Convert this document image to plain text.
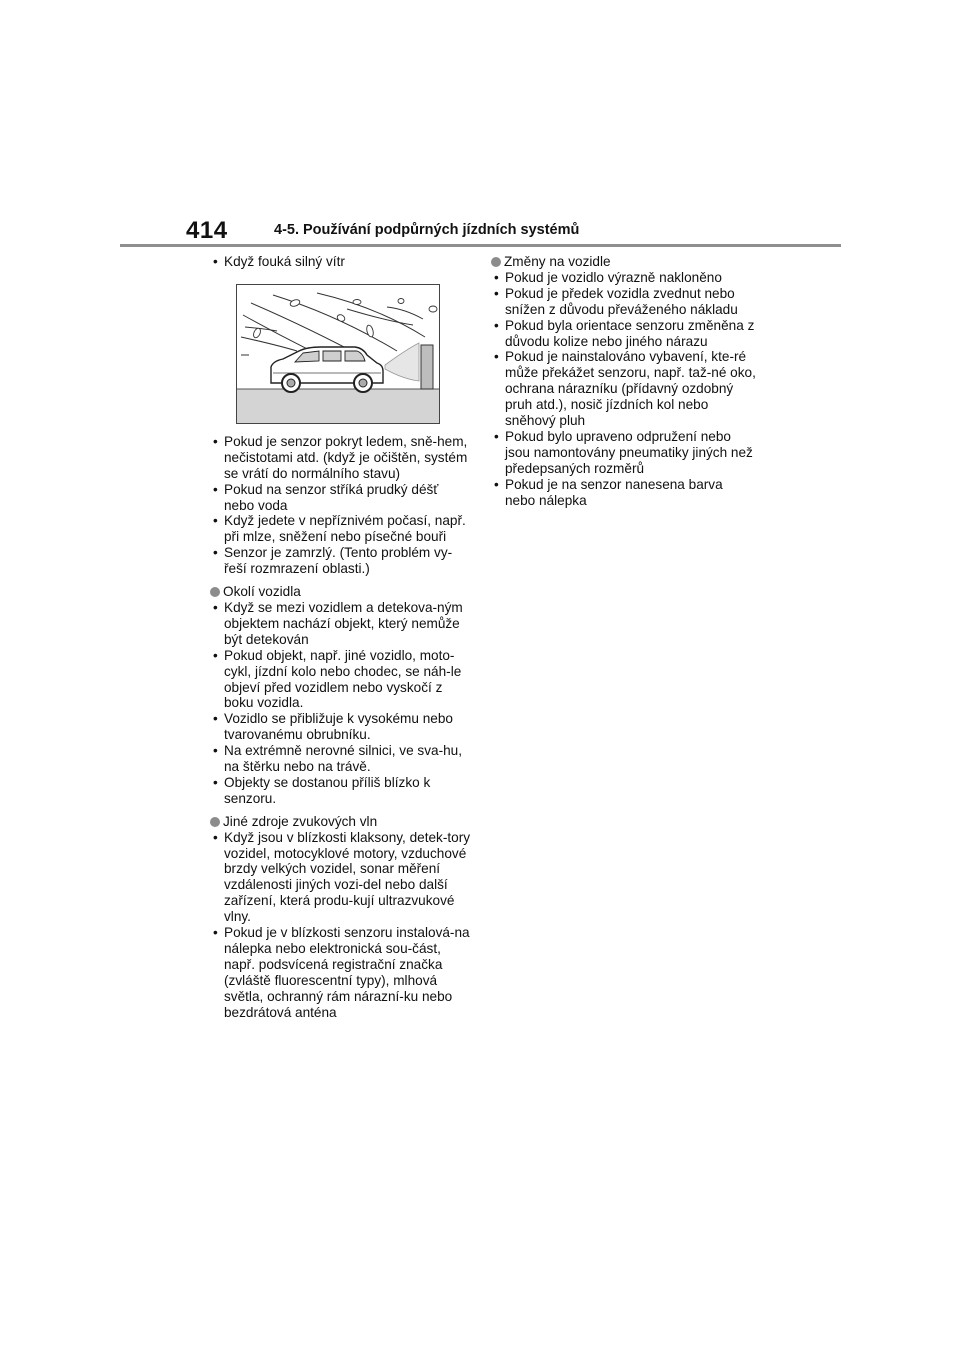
414	4-5. Používání podpůrných jízdních systémů
• Když fouká silný vítr
• Pokud je senzor pokryt ledem, sně-hem, nečistotami atd. (když je očištěn, systém se vrátí do normálního stavu)
• Pokud na senzor stříká prudký déšť nebo voda
• Když jedete v nepříznivém počasí, např. při mlze, sněžení nebo písečné bouři
• Senzor je zamrzlý. (Tento problém vy-řeší rozmrazení oblasti.)
Okolí vozidla
• Když se mezi vozidlem a detekova-ným objektem nachází objekt, který nemůže být detekován
• Pokud objekt, např. jiné vozidlo, moto-cykl, jízdní kolo nebo chodec, se náh-le objeví před vozidlem nebo vyskočí z boku vozidla.
• Vozidlo se přibližuje k vysokému nebo tvarovanému obrubníku.
• Na extrémně nerovné silnici, ve sva-hu, na štěrku nebo na trávě.
• Objekty se dostanou příliš blízko k senzoru.
Jiné zdroje zvukových vln
• Když jsou v blízkosti klaksony, detek-tory vozidel, motocyklové motory, vzduchové brzdy velkých vozidel, sonar měření vzdálenosti jiných vozi-del nebo další zařízení, která produ-kují ultrazvukové vlny.
• Pokud je v blízkosti senzoru instalová-na nálepka nebo elektronická sou-část, např. podsvícená registrační značka (zvláště fluorescentní typy), mlhová světla, ochranný rám nárazní-ku nebo bezdrátová anténa
Změny na vozidle
• Pokud je vozidlo výrazně nakloněno
• Pokud je předek vozidla zvednut nebo snížen z důvodu převáženého nákladu
• Pokud byla orientace senzoru změněna z důvodu kolize nebo jiného nárazu
• Pokud je nainstalováno vybavení, kte-ré může překážet senzoru, např. taž-né oko, ochrana nárazníku (přídavný ozdobný pruh atd.), nosič jízdních kol nebo sněhový pluh
• Pokud bylo upraveno odpružení nebo jsou namontovány pneumatiky jiných než předepsaných rozměrů
• Pokud je na senzor nanesena barva nebo nálepka
